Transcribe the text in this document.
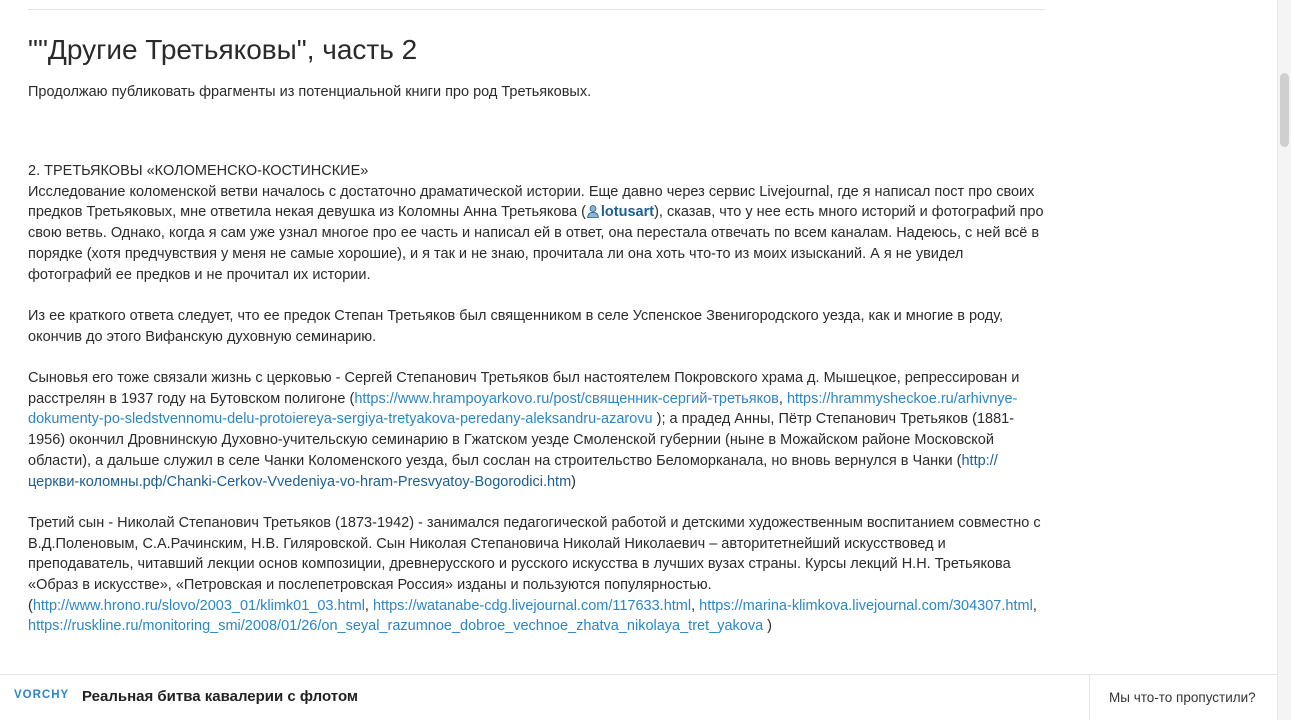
""Другие Третьяковы", часть 2

Продолжаю публиковать фрагменты из потенциальной книги про род Третьяковых.

2. ТРЕТЬЯКОВЫ «КОЛОМЕНСКО-КОСТИНСКИЕ»

Исследование коломенской ветви началось с достаточно драматической истории. Еще давно через сервис Livejournal, где я написал пост про своих предков Третьяковых, мне ответила некая девушка из Коломны Анна Третьякова ( lotusart), сказав, что у нее есть много историй и фотографий про свою ветвь. Однако, когда я сам уже узнал многое про ее часть и написал ей в ответ, она перестала отвечать по всем каналам. Надеюсь, с ней всё в порядке (хотя предчувствия у меня не самые хорошие), и я так и не знаю, прочитала ли она хоть что-то из моих изысканий. А я не увидел фотографий ее предков и не прочитал их истории.

Из ее краткого ответа следует, что ее предок Степан Третьяков был священником в селе Успенское Звенигородского уезда, как и многие в роду, окончив до этого Вифанскую духовную семинарию.

Сыновья его тоже связали жизнь с церковью - Сергей Степанович Третьяков был настоятелем Покровского храма д. Мышецкое, репрессирован и расстрелян в 1937 году на Бутовском полигоне (https://www.hrampoyarkovo.ru/post/священник-сергий-третьяков, https://hrammysheckoe.ru/arhivnye-dokumenty-po-sledstvennomu-delu-protoiereya-sergiya-tretyakova-peredany-aleksandru-azarovu ); а прадед Анны, Пётр Степанович Третьяков (1881-1956) окончил Дровнинскую Духовно-учительскую семинарию в Гжатском уезде Смоленской губернии (ныне в Можайском районе Московской области), а дальше служил в селе Чанки Коломенского уезда, был сослан на строительство Беломорканала, но вновь вернулся в Чанки (http://церкви-коломны.рф/Chanki-Cerkov-Vvedeniya-vo-hram-Presvyatoy-Bogorodici.htm)

Третий сын - Николай Степанович Третьяков (1873-1942) - занимался педагогической работой и детскими художественным воспитанием совместно с В.Д.Поленовым, С.А.Рачинским, Н.В. Гиляровской. Сын Николая Степановича Николай Николаевич – авторитетнейший искусствовед и преподаватель, читавший лекции основ композиции, древнерусского и русского искусства в лучших вузах страны. Курсы лекций Н.Н. Третьякова «Образ в искусстве», «Петровская и послепетровская Россия» изданы и пользуются популярностью.
(http://www.hrono.ru/slovo/2003_01/klimk01_03.html, https://watanabe-cdg.livejournal.com/117633.html, https://marina-klimkova.livejournal.com/304307.html,
https://ruskline.ru/monitoring_smi/2008/01/26/on_seyal_razumnoe_dobroe_vechnoe_zhatva_nikolaya_tret_yakova )

VORCHY Реальная битва кавалерии с флотом	Мы что-то пропустили?
